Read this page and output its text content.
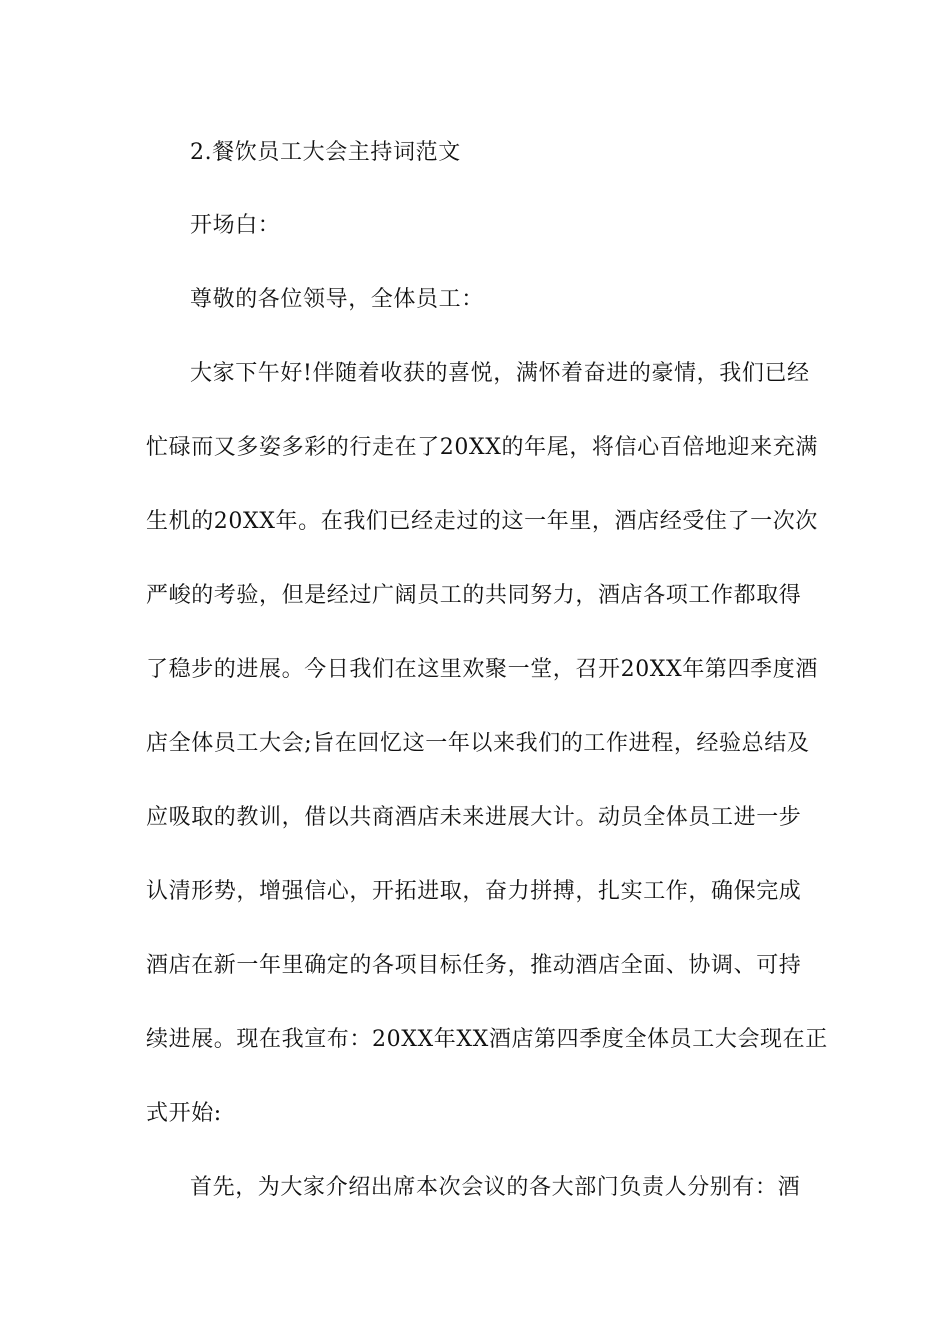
2.餐饮员工大会主持词范文
开场白：
尊敬的各位领导，全体员工：
大家下午好!伴随着收获的喜悦，满怀着奋进的豪情，我们已经
忙碌而又多姿多彩的行走在了20XX的年尾，将信心百倍地迎来充满
生机的20XX年。在我们已经走过的这一年里，酒店经受住了一次次
严峻的考验，但是经过广阔员工的共同努力，酒店各项工作都取得
了稳步的进展。今日我们在这里欢聚一堂，召开20XX年第四季度酒
店全体员工大会;旨在回忆这一年以来我们的工作进程，经验总结及
应吸取的教训，借以共商酒店未来进展大计。动员全体员工进一步
认清形势，增强信心，开拓进取，奋力拼搏，扎实工作，确保完成
酒店在新一年里确定的各项目标任务，推动酒店全面、协调、可持
续进展。现在我宣布：20XX年XX酒店第四季度全体员工大会现在正
式开始:
首先，为大家介绍出席本次会议的各大部门负责人分别有：酒
